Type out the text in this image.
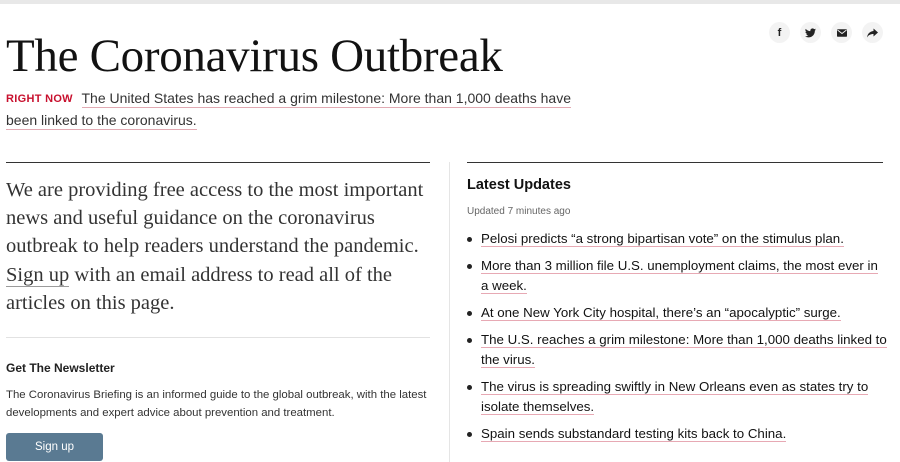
The Coronavirus Outbreak	f
RIGHT NOW The United States has reached a grim milestone: More than 1,000 deaths have been linked to the coronavirus.

We are providing free access to the most important news and useful guidance on the coronavirus outbreak to help readers understand the pandemic. Sign up with an email address to read all of the articles on this page.

Get The Newsletter

The Coronavirus Briefing is an informed guide to the global outbreak, with the latest developments and expert advice about prevention and treatment.

Sign up
Latest Updates
Updated 7 minutes ago
Pelosi predicts “a strong bipartisan vote” on the stimulus plan.
More than 3 million file U.S. unemployment claims, the most ever in a week.
At one New York City hospital, there’s an “apocalyptic” surge.
The U.S. reaches a grim milestone: More than 1,000 deaths linked to the virus.
The virus is spreading swiftly in New Orleans even as states try to isolate themselves.
Spain sends substandard testing kits back to China.
